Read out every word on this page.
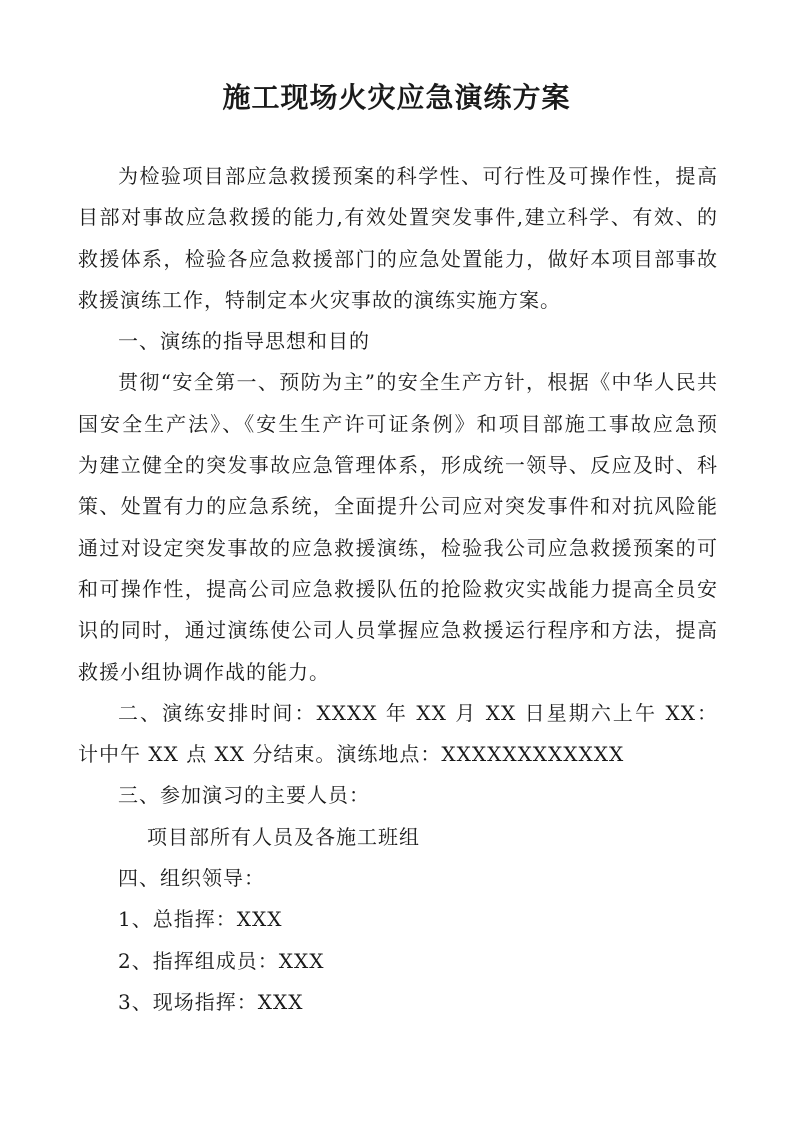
施工现场火灾应急演练方案
为检验项目部应急救援预案的科学性、可行性及可操作性，提高
目部对事故应急救援的能力,有效处置突发事件,建立科学、有效、的
救援体系，检验各应急救援部门的应急处置能力，做好本项目部事故
救援演练工作，特制定本火灾事故的演练实施方案。
一、演练的指导思想和目的
贯彻“安全第一、预防为主”的安全生产方针，根据《中华人民共
国安全生产法》、《安生生产许可证条例》和项目部施工事故应急预
为建立健全的突发事故应急管理体系，形成统一领导、反应及时、科
策、处置有力的应急系统，全面提升公司应对突发事件和对抗风险能
通过对设定突发事故的应急救援演练，检验我公司应急救援预案的可
和可操作性，提高公司应急救援队伍的抢险救灾实战能力提高全员安
识的同时，通过演练使公司人员掌握应急救援运行程序和方法，提高
救援小组协调作战的能力。
二、演练安排时间：XXXX 年 XX 月 XX 日星期六上午 XX：
计中午 XX 点 XX 分结束。演练地点：XXXXXXXXXXXX
三、参加演习的主要人员：
项目部所有人员及各施工班组
四、组织领导：
1、总指挥：XXX
2、指挥组成员：XXX
3、现场指挥：XXX
